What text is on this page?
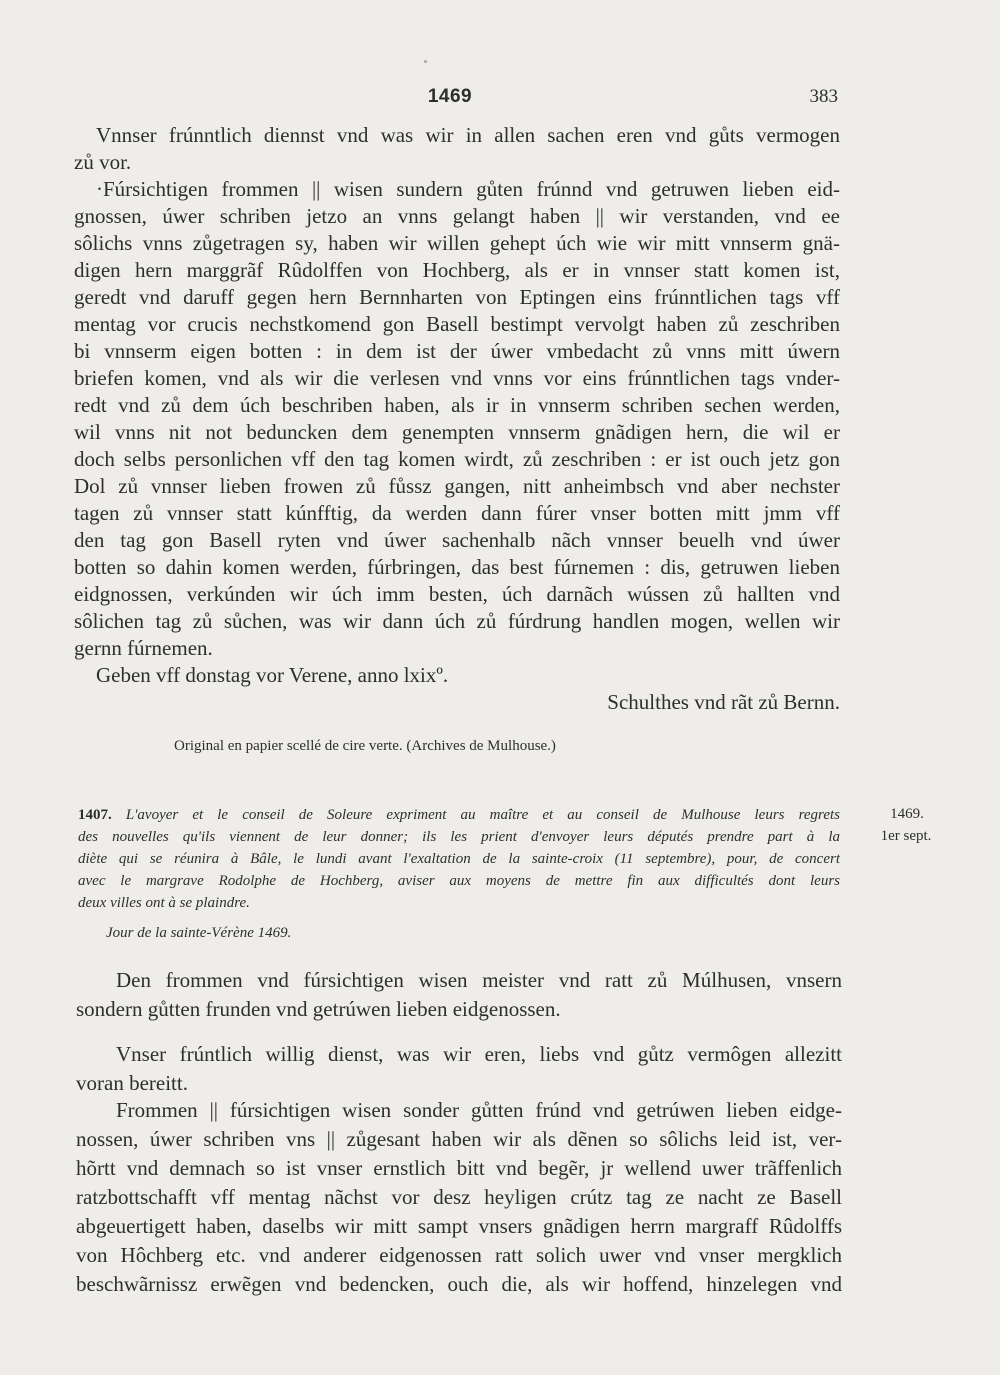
1469	383
Vnnser frúnntlich diennst vnd was wir in allen sachen eren vnd gůts vermogen
zů vor.
·Fúrsichtigen frommen || wisen sundern gůten frúnnd vnd getruwen lieben eid-
gnossen, úwer schriben jetzo an vnns gelangt haben || wir verstanden, vnd ee
sôlichs vnns zůgetragen sy, haben wir willen gehept úch wie wir mitt vnnserm gnä-
digen hern marggrãf Rûdolffen von Hochberg, als er in vnnser statt komen ist,
geredt vnd daruff gegen hern Bernnharten von Eptingen eins frúnntlichen tags vff
mentag vor crucis nechstkomend gon Basell bestimpt vervolgt haben zů zeschriben
bi vnnserm eigen botten : in dem ist der úwer vmbedacht zů vnns mitt úwern
briefen komen, vnd als wir die verlesen vnd vnns vor eins frúnntlichen tags vnder-
redt vnd zů dem úch beschriben haben, als ir in vnnserm schriben sechen werden,
wil vnns nit not beduncken dem genempten vnnserm gnãdigen hern, die wil er
doch selbs personlichen vff den tag komen wirdt, zů zeschriben : er ist ouch jetz gon
Dol zů vnnser lieben frowen zů fůssz gangen, nitt anheimbsch vnd aber nechster
tagen zů vnnser statt kúnfftig, da werden dann fúrer vnser botten mitt jmm vff
den tag gon Basell ryten vnd úwer sachenhalb nãch vnnser beuelh vnd úwer
botten so dahin komen werden, fúrbringen, das best fúrnemen : dis, getruwen lieben
eidgnossen, verkúnden wir úch imm besten, úch darnãch wússen zů hallten vnd
sôlichen tag zů sůchen, was wir dann úch zů fúrdrung handlen mogen, wellen wir
gernn fúrnemen.
Geben vff donstag vor Verene, anno lxixº.
Schulthes vnd rãt zů Bernn.
Original en papier scellé de cire verte. (Archives de Mulhouse.)
1407. L'avoyer et le conseil de Soleure expriment au maître et au conseil de Mulhouse leurs regrets
des nouvelles qu'ils viennent de leur donner; ils les prient d'envoyer leurs députés prendre part à la
diète qui se réunira à Bâle, le lundi avant l'exaltation de la sainte-croix (11 septembre), pour, de concert
avec le margrave Rodolphe de Hochberg, aviser aux moyens de mettre fin aux difficultés dont leurs
deux villes ont à se plaindre.
Jour de la sainte-Vérène 1469.
1469.
1er sept.
Den frommen vnd fúrsichtigen wisen meister vnd ratt zů Múlhusen, vnsern
sondern gůtten frunden vnd getrúwen lieben eidgenossen.
Vnser frúntlich willig dienst, was wir eren, liebs vnd gůtz vermôgen allezitt
voran bereitt.
Frommen || fúrsichtigen wisen sonder gůtten frúnd vnd getrúwen lieben eidge-
nossen, úwer schriben vns || zůgesant haben wir als dẽnen so sôlichs leid ist, ver-
hõrtt vnd demnach so ist vnser ernstlich bitt vnd begẽr, jr wellend uwer trãffenlich
ratzbottschafft vff mentag nãchst vor desz heyligen crútz tag ze nacht ze Basell
abgeuertigett haben, daselbs wir mitt sampt vnsers gnãdigen herrn margraff Rûdolffs
von Hôchberg etc. vnd anderer eidgenossen ratt solich uwer vnd vnser mergklich
beschwãrnissz erwẽgen vnd bedencken, ouch die, als wir hoffend, hinzelegen vnd
